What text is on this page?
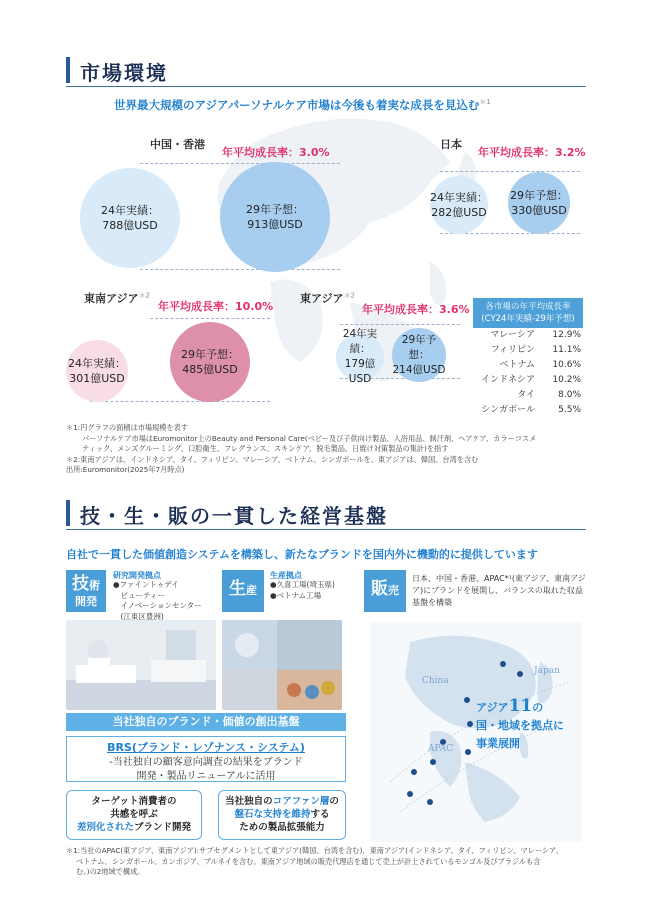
市場環境
世界最大規模のアジアパーソナルケア市場は今後も着実な成長を見込む$^{*1}$
中国・香港
年平均成長率：3.0%
24年実績：
788億USD
29年予想：
913億USD
日本
年平均成長率：3.2%
24年実績：
282億USD
29年予想：
330億USD
東南アジア$^{*2}$
年平均成長率：10.0%
24年実績：
301億USD
29年予想：
485億USD
東アジア$^{*2}$
年平均成長率：3.6%
24年実績：
179億USD
29年予想：
214億USD
各市場の年平均成長率
(CY24年実績-29年予想)
マレーシア	12.9%
フィリピン	11.1%
ベトナム	10.6%
インドネシア	10.2%
タイ	8.0%
シンガポール	5.5%
＊1:円グラフの面積は市場規模を表す
パーソナルケア市場はEuromonitor上のBeauty and Personal Care(ベビー及び子供向け製品、入浴用品、制汗剤、ヘアケア、カラーコスメ
ティック、メンズグルーミング、口腔衛生、フレグランス、スキンケア、脱毛製品、日焼け対策製品の集計)を指す
＊2:東南アジアは、インドネシア、タイ、フィリピン、マレーシア、ベトナム、シンガポールを、東アジアは、韓国、台湾を含む
出所:Euromonitor(2025年7月時点)
技・生・販の一貫した経営基盤
自社で一貫した価値創造システムを構築し、新たなブランドを国内外に機動的に提供しています
技術
開発
研究開発拠点
●ファイントゥデイ
　ビューティー
　イノベーションセンター
　(江東区豊洲)
生産
生産拠点
●久喜工場(埼玉県)
●ベトナム工場	販売
日本、中国・香港、APAC*¹(東アジア、東南アジ
ア)にブランドを展開し、バランスの取れた収益
基盤を構築
当社独自のブランド・価値の創出基盤
BRS(ブランド・レゾナンス・システム)
-当社独自の顧客意向調査の結果をブランド
開発・製品リニューアルに活用
ターゲット消費者の
共感を呼ぶ
差別化されたブランド開発
当社独自のコアファン層の
盤石な支持を維持する
ための製品拡張能力
China
Japan
APAC
アジア11の
国・地域を拠点に
事業展開
＊1:当社のAPAC(東アジア、東南アジア):サブセグメントとして東アジア(韓国、台湾を含む)、東南アジア(インドネシア、タイ、フィリピン、マレーシア、
ベトナム、シンガポール、カンボジア、ブルネイを含む。東南アジア地域の販売代理店を通じて売上が計上されているモンゴル及びブラジルも含
む。)の2地域で構成。
